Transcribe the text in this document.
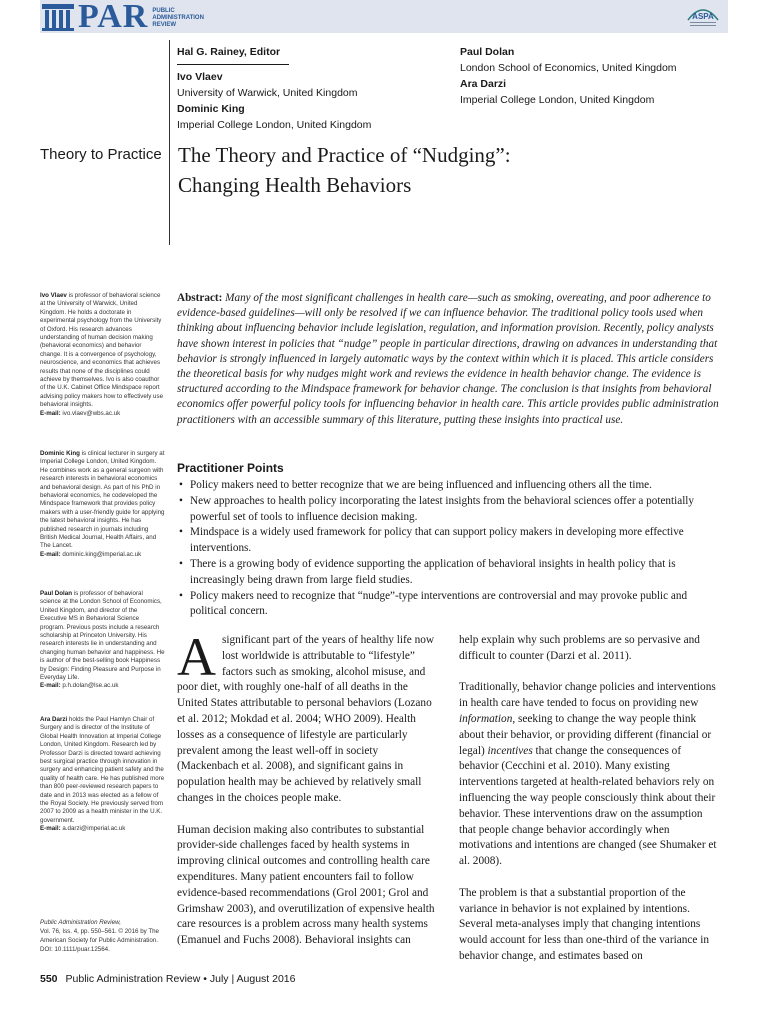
PAR PUBLIC
ADMINISTRATION
REVIEW
ASPA
Hal G. Rainey, Editor
Ivo Vlaev
University of Warwick, United Kingdom
Dominic King
Imperial College London, United Kingdom
Paul Dolan
London School of Economics, United Kingdom
Ara Darzi
Imperial College London, United Kingdom
Theory to Practice The Theory and Practice of “Nudging”:
Changing Health Behaviors
Ivo Vlaev is professor of behavioral science at the University of Warwick, United Kingdom. He holds a doctorate in experimental psychology from the University of Oxford. His research advances understanding of human decision making (behavioral economics) and behavior change. It is a convergence of psychology, neuroscience, and economics that achieves results that none of the disciplines could achieve by themselves. Ivo is also coauthor of the U.K. Cabinet Office Mindspace report advising policy makers how to effectively use behavioral insights.
E-mail: ivo.vlaev@wbs.ac.uk
Dominic King is clinical lecturer in surgery at Imperial College London, United Kingdom. He combines work as a general surgeon with research interests in behavioral economics and behavioral design. As part of his PhD in behavioral economics, he codeveloped the Mindspace framework that provides policy makers with a user-friendly guide for applying the latest behavioral insights. He has published research in journals including British Medical Journal, Health Affairs, and The Lancet.
E-mail: dominic.king@imperial.ac.uk
Paul Dolan is professor of behavioral science at the London School of Economics, United Kingdom, and director of the Executive MS in Behavioral Science program. Previous posts include a research scholarship at Princeton University. His research interests lie in understanding and changing human behavior and happiness. He is author of the best-selling book Happiness by Design: Finding Pleasure and Purpose in Everyday Life.
E-mail: p.h.dolan@lse.ac.uk
Ara Darzi holds the Paul Hamlyn Chair of Surgery and is director of the Institute of Global Health Innovation at Imperial College London, United Kingdom. Research led by Professor Darzi is directed toward achieving best surgical practice through innovation in surgery and enhancing patient safety and the quality of health care. He has published more than 800 peer-reviewed research papers to date and in 2013 was elected as a fellow of the Royal Society. He previously served from 2007 to 2009 as a health minister in the U.K. government.
E-mail: a.darzi@imperial.ac.uk
Public Administration Review,
Vol. 76, Iss. 4, pp. 550–561. © 2016 by The American Society for Public Administration. DOI: 10.1111/puar.12564.
Abstract: Many of the most significant challenges in health care—such as smoking, overeating, and poor adherence to evidence-based guidelines—will only be resolved if we can influence behavior. The traditional policy tools used when thinking about influencing behavior include legislation, regulation, and information provision. Recently, policy analysts have shown interest in policies that “nudge” people in particular directions, drawing on advances in understanding that behavior is strongly influenced in largely automatic ways by the context within which it is placed. This article considers the theoretical basis for why nudges might work and reviews the evidence in health behavior change. The evidence is structured according to the Mindspace framework for behavior change. The conclusion is that insights from behavioral economics offer powerful policy tools for influencing behavior in health care. This article provides public administration practitioners with an accessible summary of this literature, putting these insights into practical use.
Practitioner Points
• Policy makers need to better recognize that we are being influenced and influencing others all the time.
• New approaches to health policy incorporating the latest insights from the behavioral sciences offer a potentially powerful set of tools to influence decision making.
• Mindspace is a widely used framework for policy that can support policy makers in developing more effective interventions.
• There is a growing body of evidence supporting the application of behavioral insights in health policy that is increasingly being drawn from large field studies.
• Policy makers need to recognize that “nudge”-type interventions are controversial and may provoke public and political concern.

A significant part of the years of healthy life now lost worldwide is attributable to “lifestyle” factors such as smoking, alcohol misuse, and poor diet, with roughly one-half of all deaths in the United States attributable to personal behaviors (Lozano et al. 2012; Mokdad et al. 2004; WHO 2009). Health losses as a consequence of lifestyle are particularly prevalent among the least well-off in society (Mackenbach et al. 2008), and significant gains in population health may be achieved by relatively small changes in the choices people make.

Human decision making also contributes to substantial provider-side challenges faced by health systems in improving clinical outcomes and controlling health care expenditures. Many patient encounters fail to follow evidence-based recommendations (Grol 2001; Grol and Grimshaw 2003), and overutilization of expensive health care resources is a problem across many health systems (Emanuel and Fuchs 2008). Behavioral insights can

help explain why such problems are so pervasive and difficult to counter (Darzi et al. 2011).

Traditionally, behavior change policies and interventions in health care have tended to focus on providing new information, seeking to change the way people think about their behavior, or providing different (financial or legal) incentives that change the consequences of behavior (Cecchini et al. 2010). Many existing interventions targeted at health-related behaviors rely on influencing the way people consciously think about their behavior. These interventions draw on the assumption that people change behavior accordingly when motivations and intentions are changed (see Shumaker et al. 2008).

The problem is that a substantial proportion of the variance in behavior is not explained by intentions. Several meta-analyses imply that changing intentions would account for less than one-third of the variance in behavior change, and estimates based on

550 Public Administration Review • July | August 2016
